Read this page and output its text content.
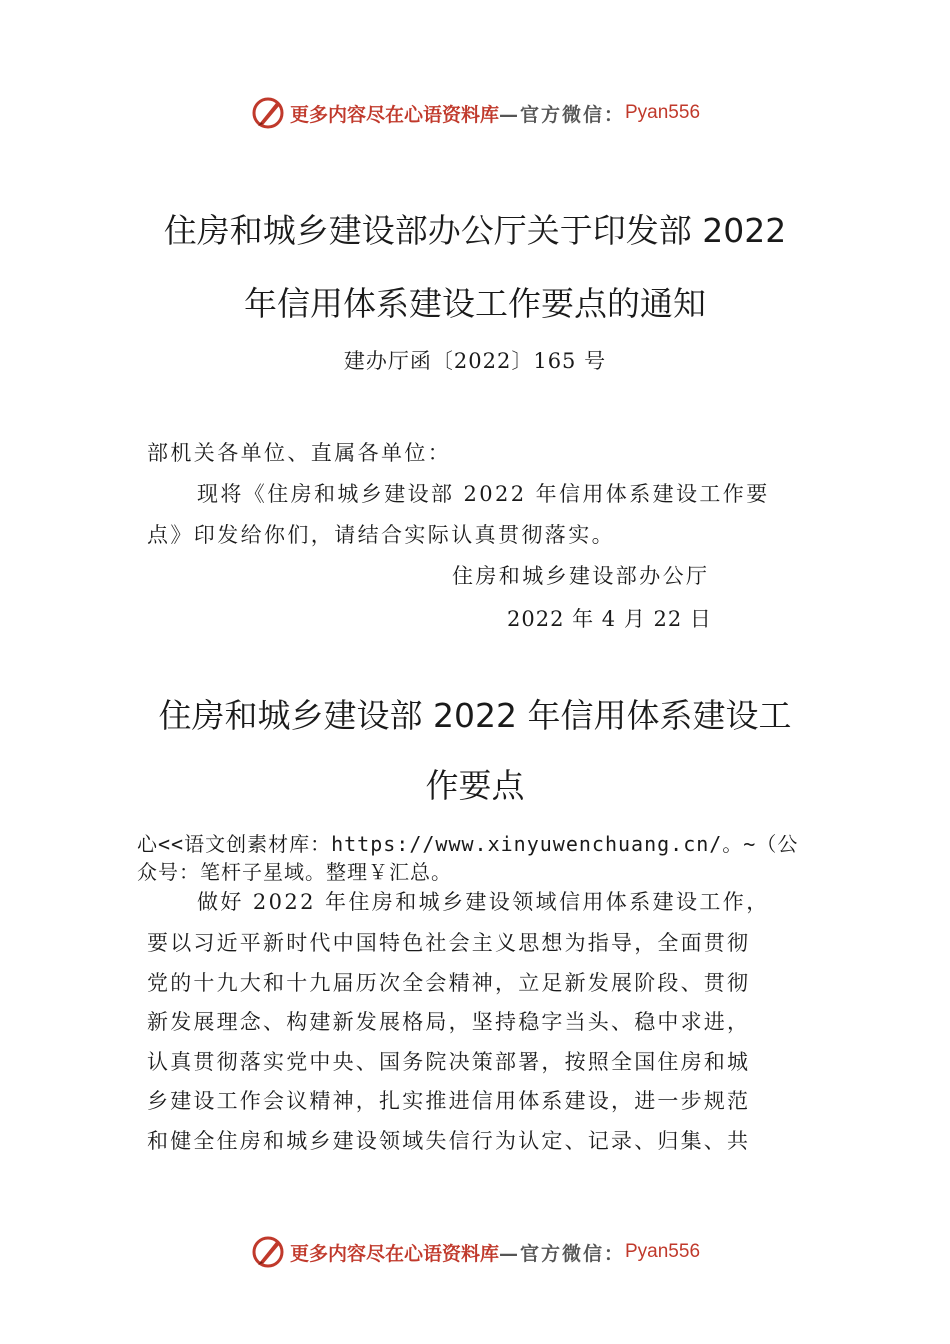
更多内容尽在心语资料库 —官方微信： Pyan556
住房和城乡建设部办公厅关于印发部 2022
年信用体系建设工作要点的通知
建办厅函〔2022〕165 号
部机关各单位、直属各单位：
现将《住房和城乡建设部 2022 年信用体系建设工作要
点》印发给你们，请结合实际认真贯彻落实。
住房和城乡建设部办公厅
2022 年 4 月 22 日
住房和城乡建设部 2022 年信用体系建设工
作要点
心<<语文创素材库：https://www.xinyuwenchuang.cn/。~（公
众号：笔杆子星域。整理￥汇总。
做好 2022 年住房和城乡建设领域信用体系建设工作，
要以习近平新时代中国特色社会主义思想为指导，全面贯彻
党的十九大和十九届历次全会精神，立足新发展阶段、贯彻
新发展理念、构建新发展格局，坚持稳字当头、稳中求进，
认真贯彻落实党中央、国务院决策部署，按照全国住房和城
乡建设工作会议精神，扎实推进信用体系建设，进一步规范
和健全住房和城乡建设领域失信行为认定、记录、归集、共
更多内容尽在心语资料库 —官方微信： Pyan556
